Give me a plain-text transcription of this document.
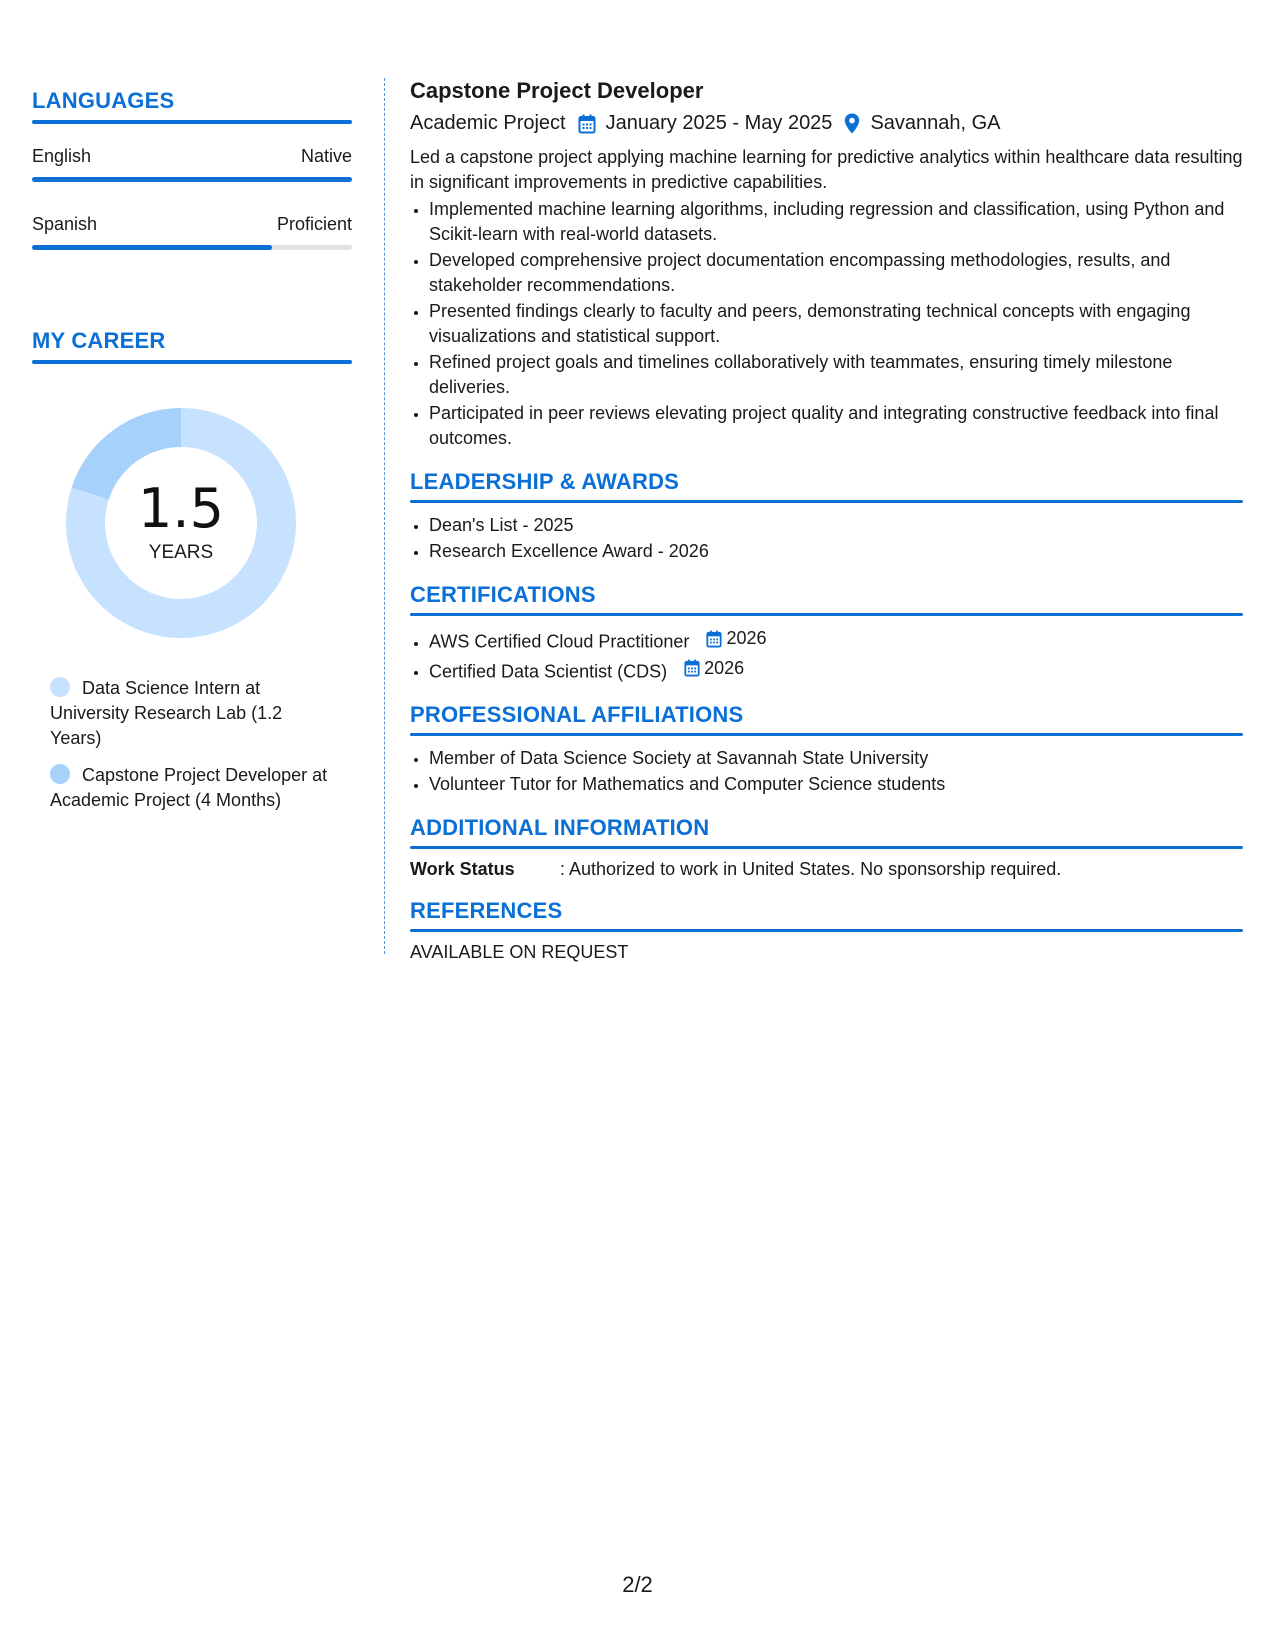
LANGUAGES
English	Native
Spanish	Proficient
MY CAREER
1.5
YEARS
Data Science Intern at University Research Lab (1.2 Years)
Capstone Project Developer at Academic Project (4 Months)
Capstone Project Developer
Academic Project January 2025 - May 2025 Savannah, GA
Led a capstone project applying machine learning for predictive analytics within healthcare data resulting in significant improvements in predictive capabilities.
• Implemented machine learning algorithms, including regression and classification, using Python and Scikit-learn with real-world datasets.
• Developed comprehensive project documentation encompassing methodologies, results, and stakeholder recommendations.
• Presented findings clearly to faculty and peers, demonstrating technical concepts with engaging visualizations and statistical support.
• Refined project goals and timelines collaboratively with teammates, ensuring timely milestone deliveries.
• Participated in peer reviews elevating project quality and integrating constructive feedback into final outcomes.
LEADERSHIP & AWARDS
• Dean's List - 2025
• Research Excellence Award - 2026
CERTIFICATIONS
• AWS Certified Cloud Practitioner 2026
• Certified Data Scientist (CDS) 2026
PROFESSIONAL AFFILIATIONS
• Member of Data Science Society at Savannah State University
• Volunteer Tutor for Mathematics and Computer Science students
ADDITIONAL INFORMATION
Work Status	: Authorized to work in United States. No sponsorship required.
REFERENCES
AVAILABLE ON REQUEST
2/2
